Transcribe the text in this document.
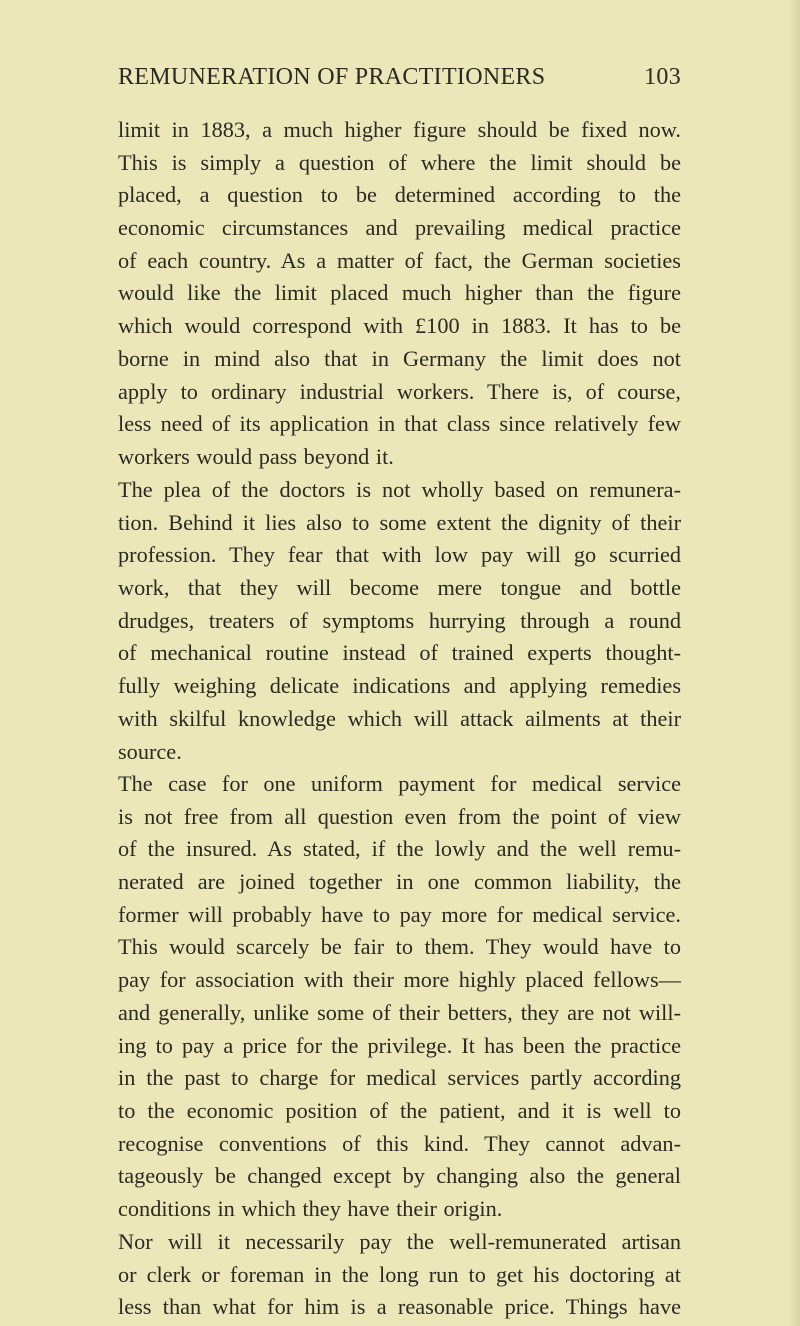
REMUNERATION OF PRACTITIONERS	103
limit in 1883, a much higher figure should be fixed now.
This is simply a question of where the limit should be
placed, a question to be determined according to the
economic circumstances and prevailing medical practice
of each country. As a matter of fact, the German societies
would like the limit placed much higher than the figure
which would correspond with £100 in 1883. It has to be
borne in mind also that in Germany the limit does not
apply to ordinary industrial workers. There is, of course,
less need of its application in that class since relatively few
workers would pass beyond it.
The plea of the doctors is not wholly based on remunera-
tion. Behind it lies also to some extent the dignity of their
profession. They fear that with low pay will go scurried
work, that they will become mere tongue and bottle
drudges, treaters of symptoms hurrying through a round
of mechanical routine instead of trained experts thought-
fully weighing delicate indications and applying remedies
with skilful knowledge which will attack ailments at their
source.
The case for one uniform payment for medical service
is not free from all question even from the point of view
of the insured. As stated, if the lowly and the well remu-
nerated are joined together in one common liability, the
former will probably have to pay more for medical service.
This would scarcely be fair to them. They would have to
pay for association with their more highly placed fellows—
and generally, unlike some of their betters, they are not will-
ing to pay a price for the privilege. It has been the practice
in the past to charge for medical services partly according
to the economic position of the patient, and it is well to
recognise conventions of this kind. They cannot advan-
tageously be changed except by changing also the general
conditions in which they have their origin.
Nor will it necessarily pay the well-remunerated artisan
or clerk or foreman in the long run to get his doctoring at
less than what for him is a reasonable price. Things have
